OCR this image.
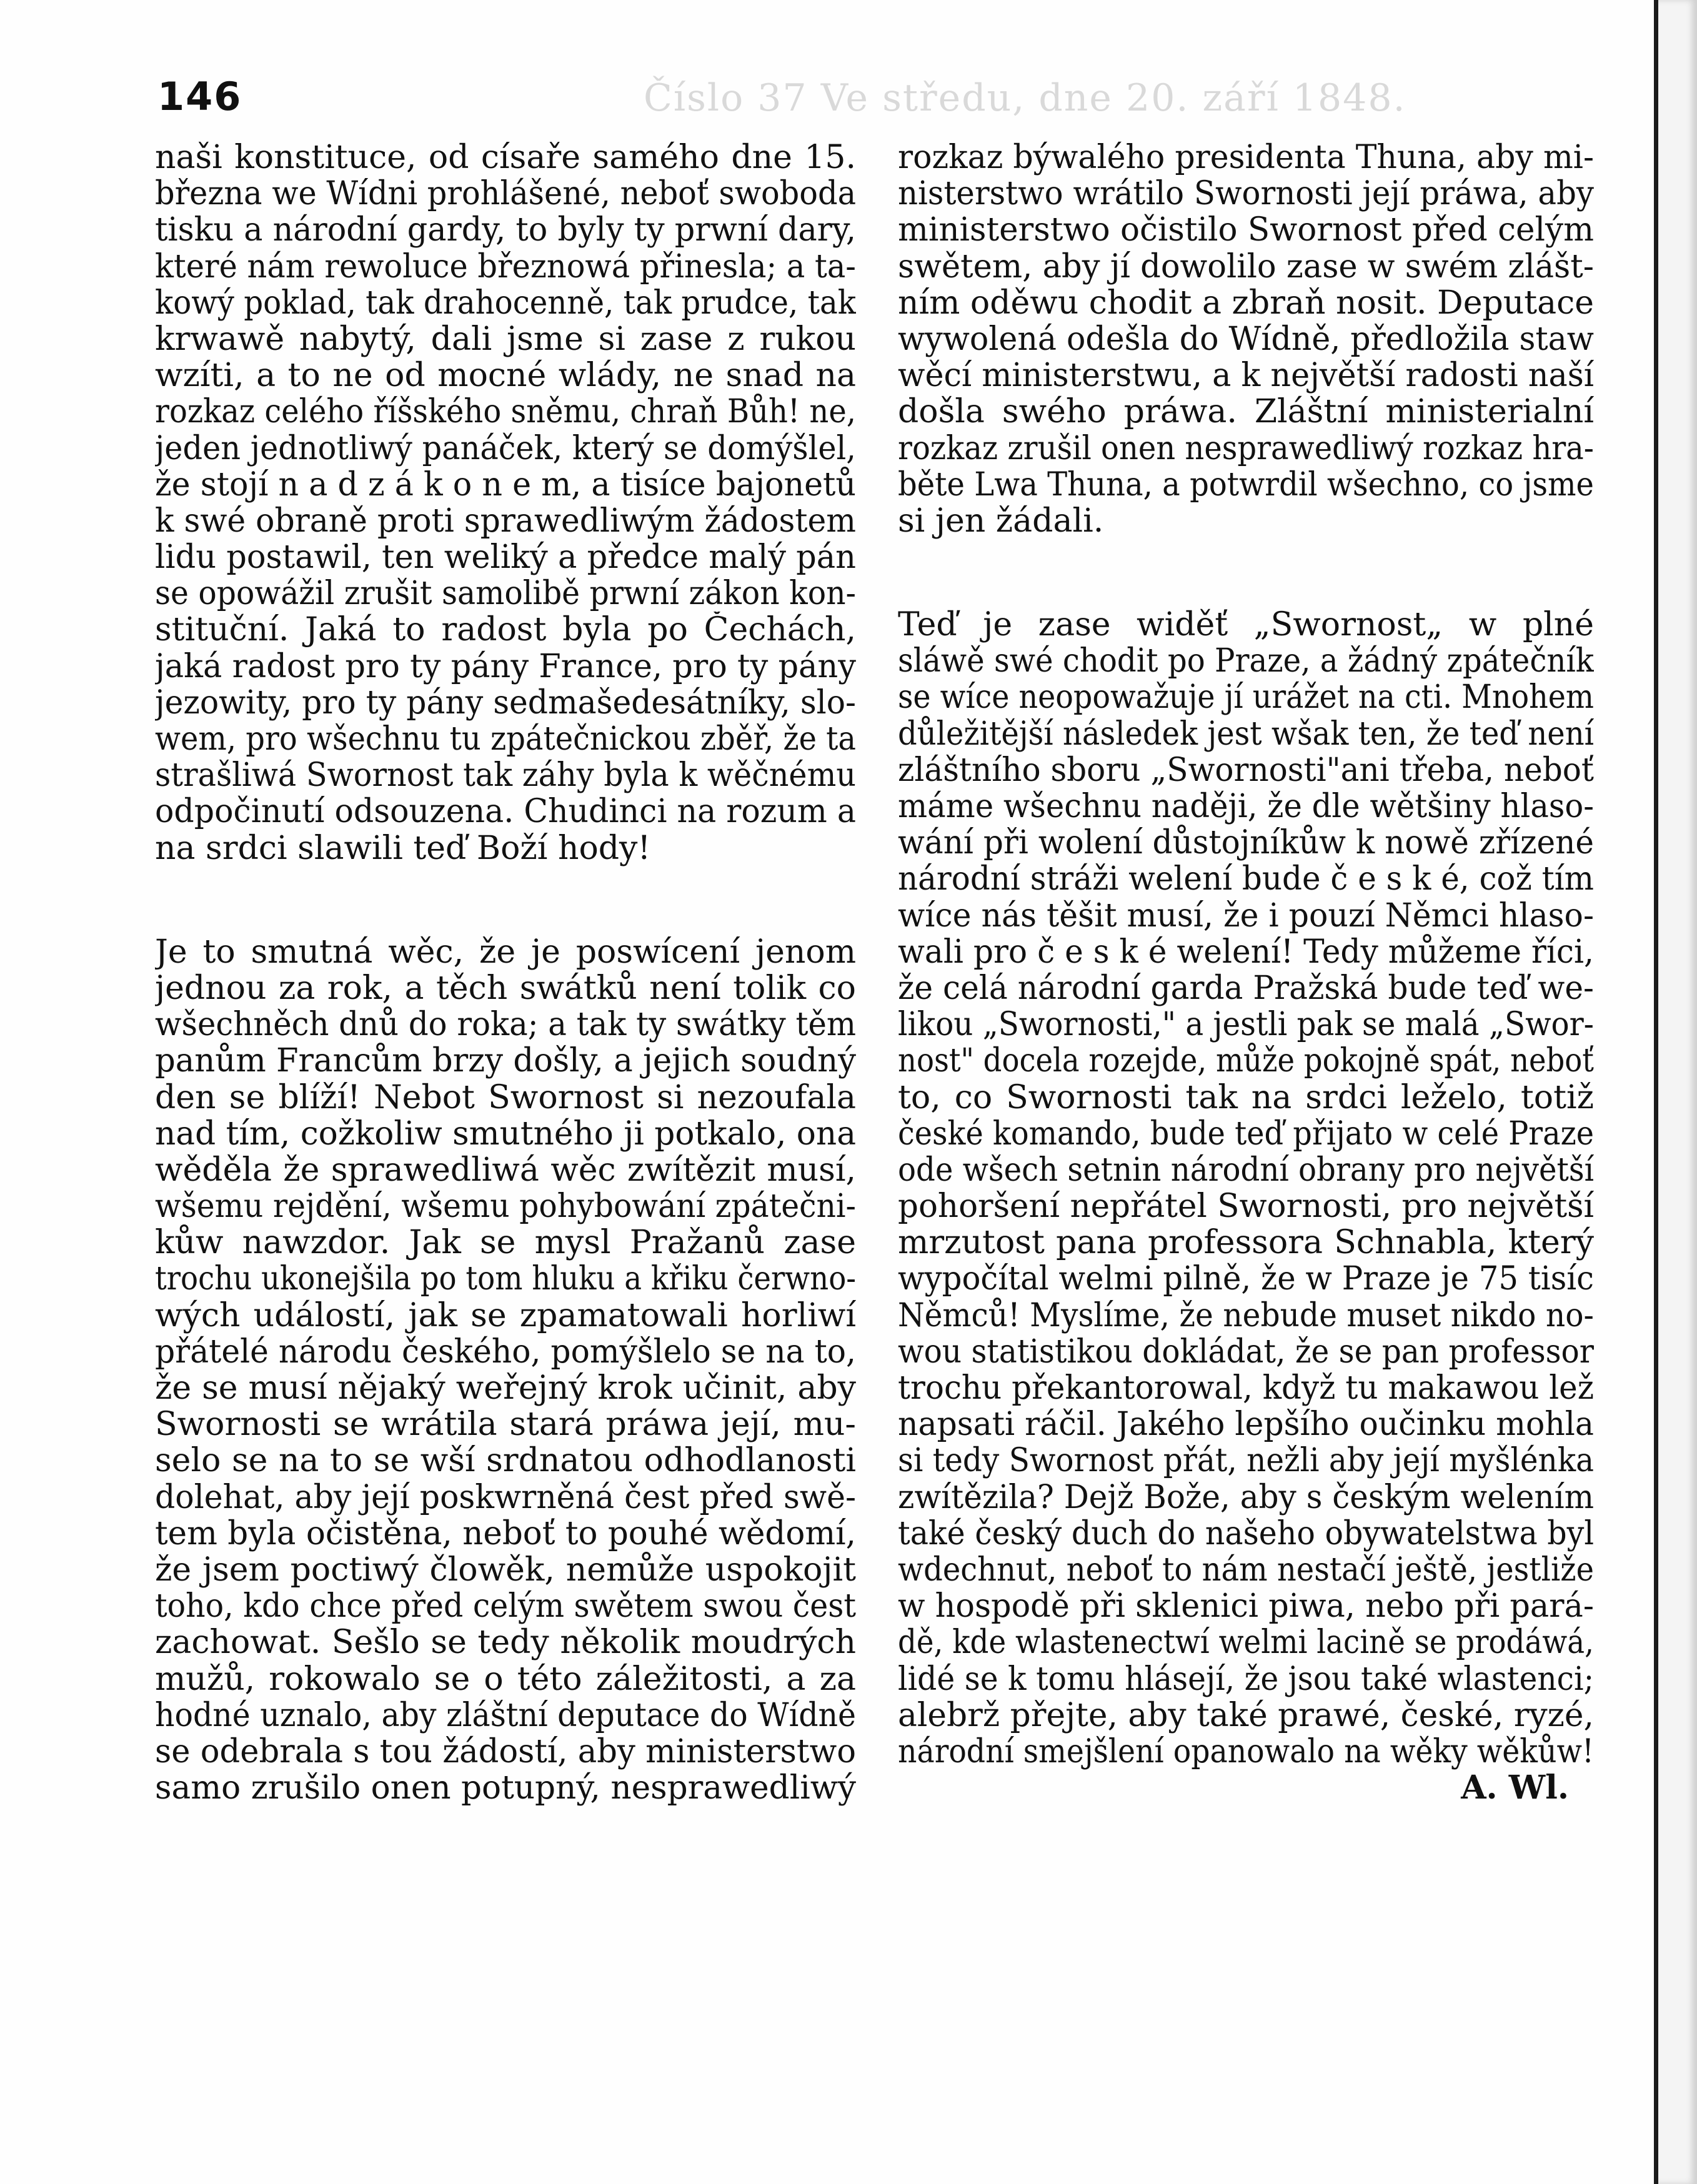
Číslo 37 Ve středu, dne 20. září 1848.
146

naši konstituce, od císaře samého dne 15.

března we Wídni prohlášené, neboť swoboda

tisku a národní gardy, to byly ty prwní dary,

které nám rewoluce březnowá přinesla; a ta-

kowý poklad, tak drahocenně, tak prudce, tak

krwawě nabytý, dali jsme si zase z rukou

wzíti, a to ne od mocné wlády, ne snad na

rozkaz celého říšského sněmu, chraň Bůh! ne,

jeden jednotliwý panáček, který se domýšlel,

že stojí n a d z á k o n e m, a tisíce bajonetů

k swé obraně proti sprawedliwým žádostem

lidu postawil, ten weliký a předce malý pán

se opowážil zrušit samolibě prwní zákon kon-

stituční. Jaká to radost byla po Čechách,

jaká radost pro ty pány Francе, pro ty pány

jezowity, pro ty pány sedmašedesátníky, slo-

wem, pro wšechnu tu zpátečnickou zběř, že ta

strašliwá Swornost tak záhy byla k wěčnému

odpočinutí odsouzena. Chudinci na rozum a

na srdci slawili teď Boží hody!

Je to smutná wěc, že je poswícení jenom

jednou za rok, a těch swátků není tolik co

wšechněch dnů do roka; a tak ty swátky těm

panům Francům brzy došly, a jejich soudný

den se blíží! Nebot Swornost si nezoufala

nad tím, cožkoliw smutného ji potkalo, ona

wěděla že sprawedliwá wěc zwítězit musí,

wšemu rejdění, wšemu pohybowání zpátečni-

kůw nawzdor. Jak se mysl Pražanů zase

trochu ukonejšila po tom hluku a křiku čerwno-

wých událostí, jak se zpamatowali horliwí

přátelé národu českého, pomýšlelo se na to,

že se musí nějaký weřejný krok učinit, aby

Swornosti se wrátila stará práwa její, mu-

selo se na to se wší srdnatou odhodlanosti

dolehat, aby její poskwrněná čest před swě-

tem byla očistěna, neboť to pouhé wědomí,

že jsem poctiwý člowěk, nemůže uspokojit

toho, kdo chce před celým swětem swou čest

zachowat. Sešlo se tedy několik moudrých

mužů, rokowalo se o této záležitosti, a za

hodné uznalo, aby zláštní deputace do Wídně

se odebrala s tou žádostí, aby ministerstwo

samo zrušilo onen potupný, nesprawedliwý

rozkaz býwalého presidenta Thuna, aby mi-

nisterstwo wrátilo Swornosti její práwa, aby

ministerstwo očistilo Swornost před celým

swětem, aby jí dowolilo zase w swém zlášt-

ním oděwu chodit a zbraň nosit. Deputace

wywolená odešla do Wídně, předložila staw

wěcí ministerstwu, a k největší radosti naší

došla swého práwa. Zláštní ministerialní

rozkaz zrušil onen nesprawedliwý rozkaz hra-

běte Lwa Thuna, a potwrdil wšechno, co jsme

si jen žádali.

Teď je zase widěť „Swornost„ w plné

sláwě swé chodit po Praze, a žádný zpátečník

se wíce neopowažuje jí urážet na cti. Mnohem

důležitější následek jest wšak ten, že teď není

zláštního sboru „Swornosti"ani třeba, neboť

máme wšechnu naději, že dle wětšiny hlaso-

wání při wolení důstojníkůw k nowě zřízené

národní stráži welení bude č e s k é, což tím

wíce nás těšit musí, že i pouzí Němci hlaso-

wali pro č e s k é welení! Tedy můžeme říci,

že celá národní garda Pražská bude teď we-

likou „Swornosti," a jestli pak se malá „Swor-

nost" docela rozejde, může pokojně spát, neboť

to, co Swornosti tak na srdci leželo, totiž

české komando, bude teď přijato w celé Praze

ode wšech setnin národní obrany pro největší

pohoršení nepřátel Swornosti, pro největší

mrzutost pana professora Schnabla, který

wypočítal welmi pilně, že w Praze je 75 tisíc

Němců! Myslíme, že nebude muset nikdo no-

wou statistikou dokládat, že se pan professor

trochu překantorowal, když tu makawou lež

napsati ráčil. Jakého lepšího oučinku mohla

si tedy Swornost přát, nežli aby její myšlénka

zwítězila? Dejž Bože, aby s českým welením

také český duch do našeho obywatelstwa byl

wdechnut, neboť to nám nestačí ještě, jestliže

w hospodě při sklenici piwa, nebo při pará-

dě, kde wlastenectwí welmi lacině se prodáwá,

lidé se k tomu hlásejí, že jsou také wlastenci;

alebrž přejte, aby také prawé, české, ryzé,

národní smejšlení opanowalo na wěky wěkůw!

A. Wl.
